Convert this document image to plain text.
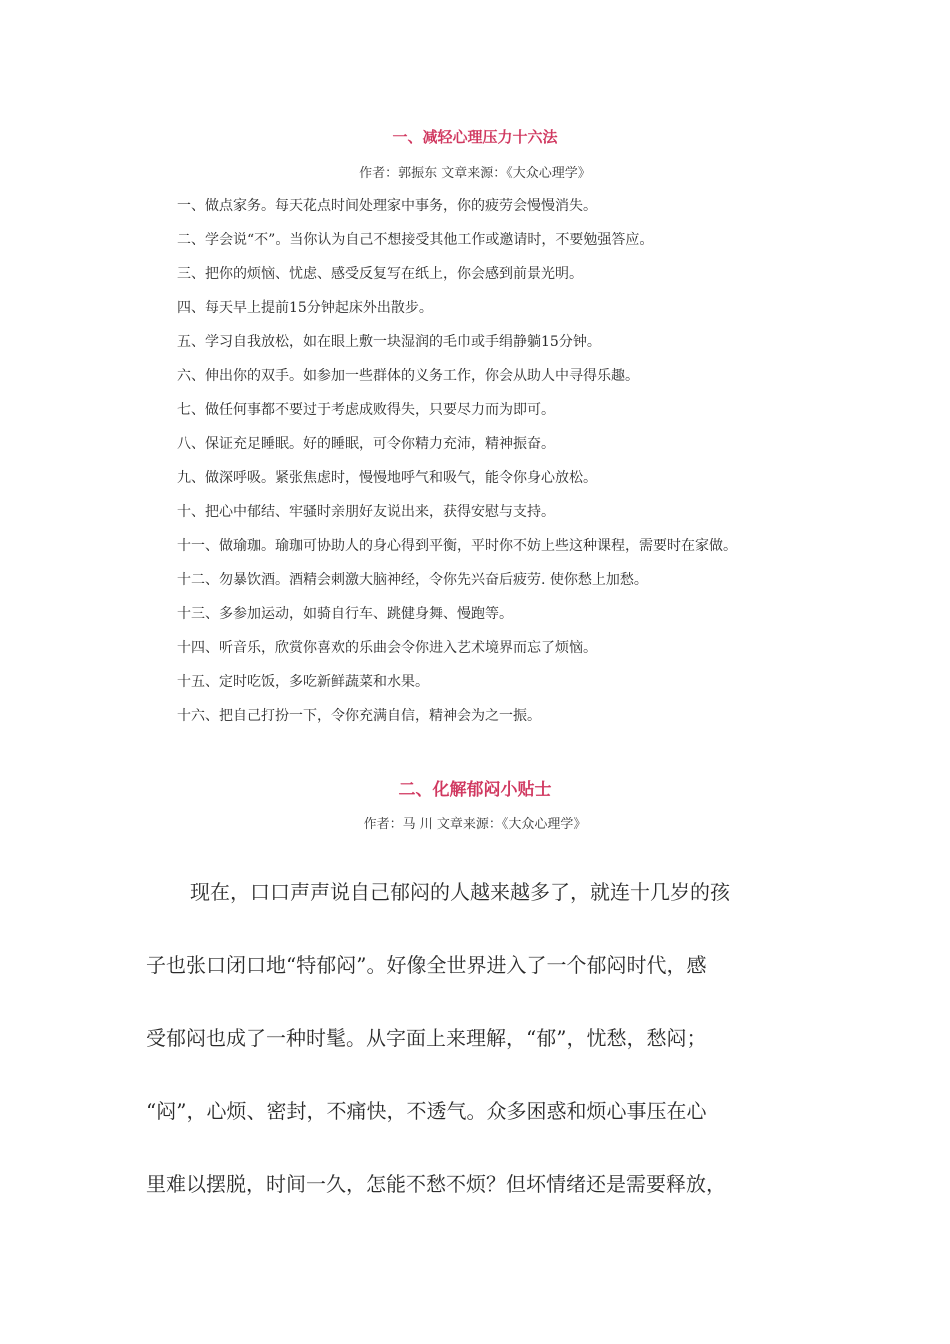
一、减轻心理压力十六法
作者：郭振东 文章来源：《大众心理学》
一、做点家务。每天花点时间处理家中事务，你的疲劳会慢慢消失。
二、学会说“不”。当你认为自己不想接受其他工作或邀请时，不要勉强答应。
三、把你的烦恼、忧虑、感受反复写在纸上，你会感到前景光明。
四、每天早上提前15分钟起床外出散步。
五、学习自我放松，如在眼上敷一块湿润的毛巾或手绢静躺15分钟。
六、伸出你的双手。如参加一些群体的义务工作，你会从助人中寻得乐趣。
七、做任何事都不要过于考虑成败得失，只要尽力而为即可。
八、保证充足睡眠。好的睡眠，可令你精力充沛，精神振奋。
九、做深呼吸。紧张焦虑时，慢慢地呼气和吸气，能令你身心放松。
十、把心中郁结、牢骚时亲朋好友说出来，获得安慰与支持。
十一、做瑜珈。瑜珈可协助人的身心得到平衡，平时你不妨上些这种课程，需要时在家做。
十二、勿暴饮酒。酒精会刺激大脑神经，令你先兴奋后疲劳. 使你愁上加愁。
十三、多参加运动，如骑自行车、跳健身舞、慢跑等。
十四、听音乐，欣赏你喜欢的乐曲会令你进入艺术境界而忘了烦恼。
十五、定时吃饭，多吃新鲜蔬菜和水果。
十六、把自己打扮一下，令你充满自信，精神会为之一振。
二、化解郁闷小贴士
作者：马 川 文章来源：《大众心理学》
现在，口口声声说自己郁闷的人越来越多了，就连十几岁的孩
子也张口闭口地“特郁闷”。好像全世界进入了一个郁闷时代，感
受郁闷也成了一种时髦。从字面上来理解，“郁”，忧愁，愁闷；
“闷”，心烦、密封，不痛快，不透气。众多困惑和烦心事压在心
里难以摆脱，时间一久，怎能不愁不烦？但坏情绪还是需要释放，
